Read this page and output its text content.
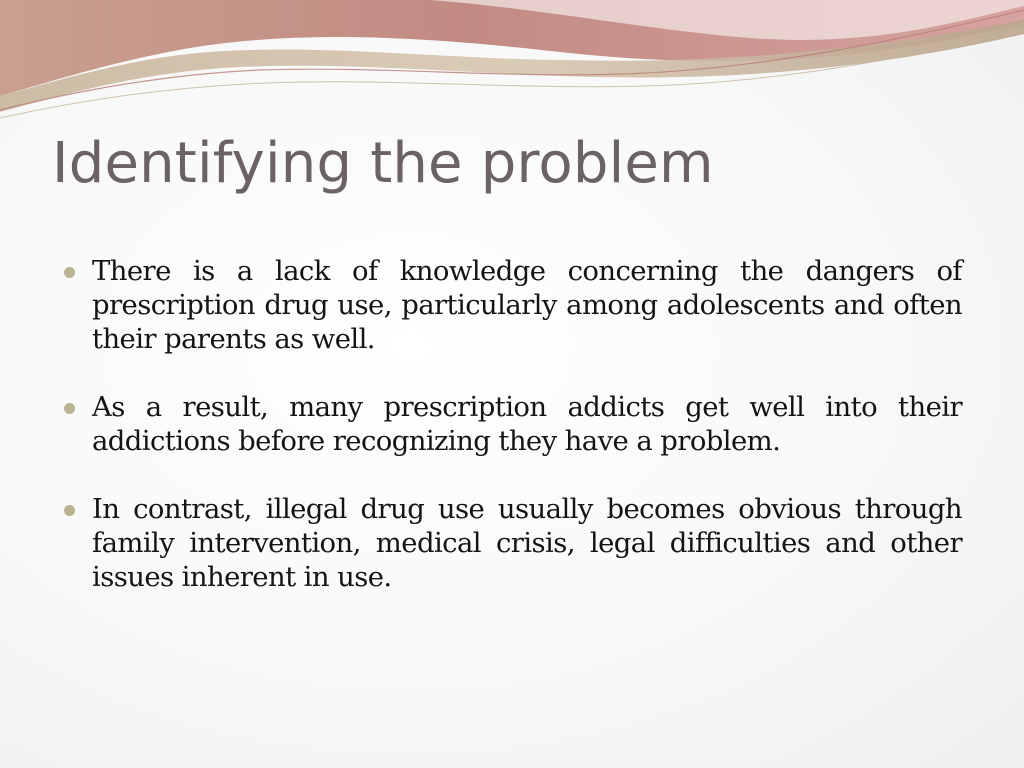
Identifying the problem
There is a lack of knowledge concerning the dangers of prescription drug use, particularly among adolescents and often their parents as well.
As a result, many prescription addicts get well into their addictions before recognizing they have a problem.
In contrast, illegal drug use usually becomes obvious through family intervention, medical crisis, legal difficulties and other issues inherent in use.
